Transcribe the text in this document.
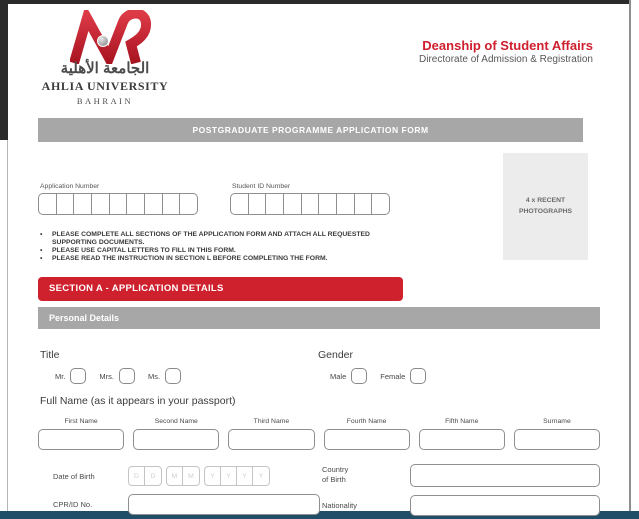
الجامعة الأهلية
AHLIA UNIVERSITY
BAHRAIN
Deanship of Student Affairs
Directorate of Admission & Registration
POSTGRADUATE PROGRAMME APPLICATION FORM
Application Number	Student ID Number
4 x RECENT
PHOTOGRAPHS
•	PLEASE COMPLETE ALL SECTIONS OF THE APPLICATION FORM AND ATTACH ALL REQUESTED SUPPORTING DOCUMENTS.
•	PLEASE USE CAPITAL LETTERS TO FILL IN THIS FORM.
•	PLEASE READ THE INSTRUCTION IN SECTION L BEFORE COMPLETING THE FORM.
SECTION A - APPLICATION DETAILS
Personal Details
Title
Mr.	Mrs.	Ms.
Gender
Male	Female
Full Name (as it appears in your passport)
First Name	Second Name	Third Name	Fourth Name	Fifth Name	Surname
Date of Birth	D	D	M	M	Y	Y	Y	Y
Country
of Birth
CPR/ID No.	Nationality
